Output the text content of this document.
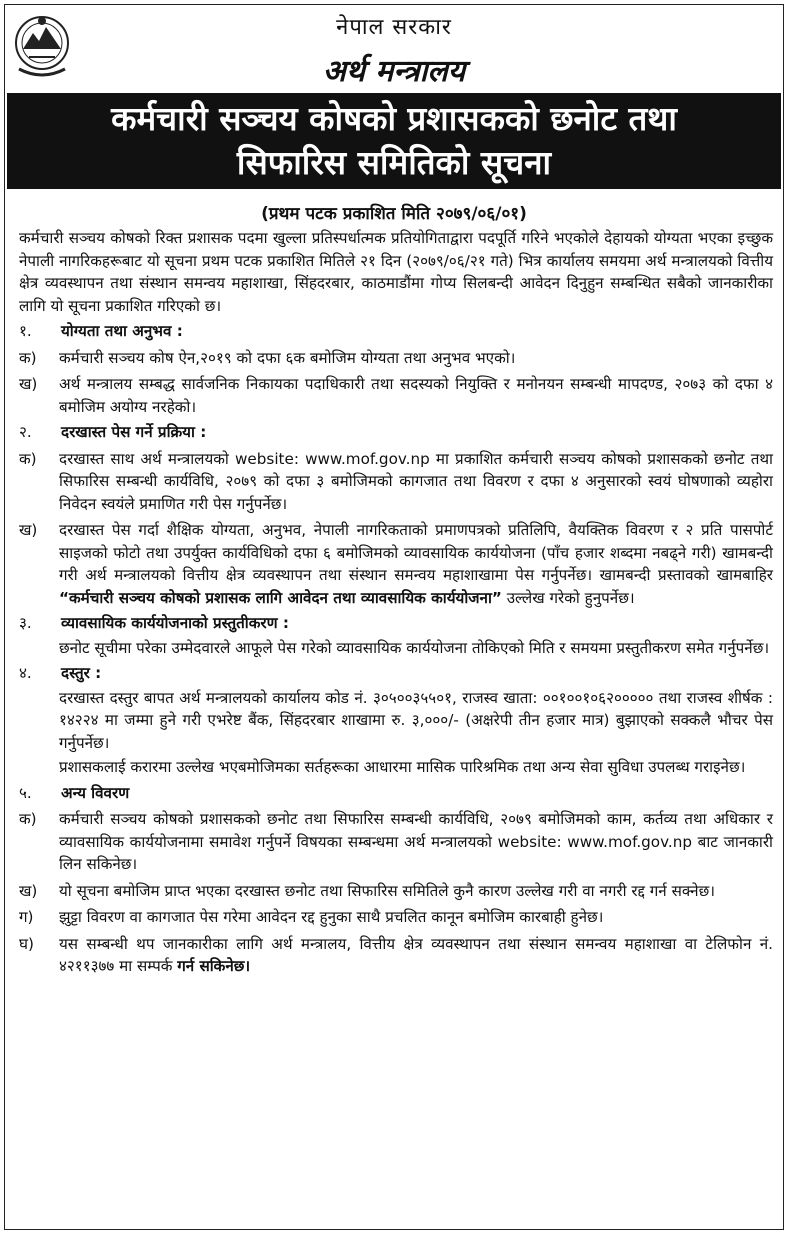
नेपाल सरकार
अर्थ मन्त्रालय
कर्मचारी सञ्चय कोषको प्रशासकको छनोट तथा
सिफारिस समितिको सूचना
(प्रथम पटक प्रकाशित मिति २०७९/०६/०१)

कर्मचारी सञ्चय कोषको रिक्त प्रशासक पदमा खुल्ला प्रतिस्पर्धात्मक प्रतियोगिताद्वारा पदपूर्ति गरिने भएकोले देहायको योग्यता भएका इच्छुक नेपाली नागरिकहरूबाट यो सूचना प्रथम पटक प्रकाशित मितिले २१ दिन (२०७९/०६/२१ गते) भित्र कार्यालय समयमा अर्थ मन्त्रालयको वित्तीय क्षेत्र व्यवस्थापन तथा संस्थान समन्वय महाशाखा, सिंहदरबार, काठमाडौंमा गोप्य सिलबन्दी आवेदन दिनुहुन सम्बन्धित सबैको जानकारीका लागि यो सूचना प्रकाशित गरिएको छ।

१.	योग्यता तथा अनुभव :
क)	कर्मचारी सञ्चय कोष ऐन,२०१९ को दफा ६क बमोजिम योग्यता तथा अनुभव भएको।
ख)	अर्थ मन्त्रालय सम्बद्ध सार्वजनिक निकायका पदाधिकारी तथा सदस्यको नियुक्ति र मनोनयन सम्बन्धी मापदण्ड, २०७३ को दफा ४ बमोजिम अयोग्य नरहेको।
२.	दरखास्त पेस गर्ने प्रक्रिया :
क)	दरखास्त साथ अर्थ मन्त्रालयको website: www.mof.gov.np मा प्रकाशित कर्मचारी सञ्चय कोषको प्रशासकको छनोट तथा सिफारिस सम्बन्धी कार्यविधि, २०७९ को दफा ३ बमोजिमको कागजात तथा विवरण र दफा ४ अनुसारको स्वयं घोषणाको व्यहोरा निवेदन स्वयंले प्रमाणित गरी पेस गर्नुपर्नेछ।
ख)	दरखास्त पेस गर्दा शैक्षिक योग्यता, अनुभव, नेपाली नागरिकताको प्रमाणपत्रको प्रतिलिपि, वैयक्तिक विवरण र २ प्रति पासपोर्ट साइजको फोटो तथा उपर्युक्त कार्यविधिको दफा ६ बमोजिमको व्यावसायिक कार्ययोजना (पाँच हजार शब्दमा नबढ्ने गरी) खामबन्दी गरी अर्थ मन्त्रालयको वित्तीय क्षेत्र व्यवस्थापन तथा संस्थान समन्वय महाशाखामा पेस गर्नुपर्नेछ। खामबन्दी प्रस्तावको खामबाहिर “कर्मचारी सञ्चय कोषको प्रशासक लागि आवेदन तथा व्यावसायिक कार्ययोजना” उल्लेख गरेको हुनुपर्नेछ।
३.	व्यावसायिक कार्ययोजनाको प्रस्तुतीकरण :

छनोट सूचीमा परेका उम्मेदवारले आफूले पेस गरेको व्यावसायिक कार्ययोजना तोकिएको मिति र समयमा प्रस्तुतीकरण समेत गर्नुपर्नेछ।

४.	दस्तुर :

दरखास्त दस्तुर बापत अर्थ मन्त्रालयको कार्यालय कोड नं. ३०५००३५५०१, राजस्व खाता: ००१००१०६२००००० तथा राजस्व शीर्षक : १४२२४ मा जम्मा हुने गरी एभरेष्ट बैंक, सिंहदरबार शाखामा रु. ३,०००/- (अक्षरेपी तीन हजार मात्र) बुझाएको सक्कलै भौचर पेस गर्नुपर्नेछ।

प्रशासकलाई करारमा उल्लेख भएबमोजिमका सर्तहरूका आधारमा मासिक पारिश्रमिक तथा अन्य सेवा सुविधा उपलब्ध गराइनेछ।

५.	अन्य विवरण
क)	कर्मचारी सञ्चय कोषको प्रशासकको छनोट तथा सिफारिस सम्बन्धी कार्यविधि, २०७९ बमोजिमको काम, कर्तव्य तथा अधिकार र व्यावसायिक कार्ययोजनामा समावेश गर्नुपर्ने विषयका सम्बन्धमा अर्थ मन्त्रालयको website: www.mof.gov.np बाट जानकारी लिन सकिनेछ।
ख)	यो सूचना बमोजिम प्राप्त भएका दरखास्त छनोट तथा सिफारिस समितिले कुनै कारण उल्लेख गरी वा नगरी रद्द गर्न सक्नेछ।
ग)	झुट्टा विवरण वा कागजात पेस गरेमा आवेदन रद्द हुनुका साथै प्रचलित कानून बमोजिम कारबाही हुनेछ।
घ)	यस सम्बन्धी थप जानकारीका लागि अर्थ मन्त्रालय, वित्तीय क्षेत्र व्यवस्थापन तथा संस्थान समन्वय महाशाखा वा टेलिफोन नं. ४२११३७७ मा सम्पर्क गर्न सकिनेछ।
